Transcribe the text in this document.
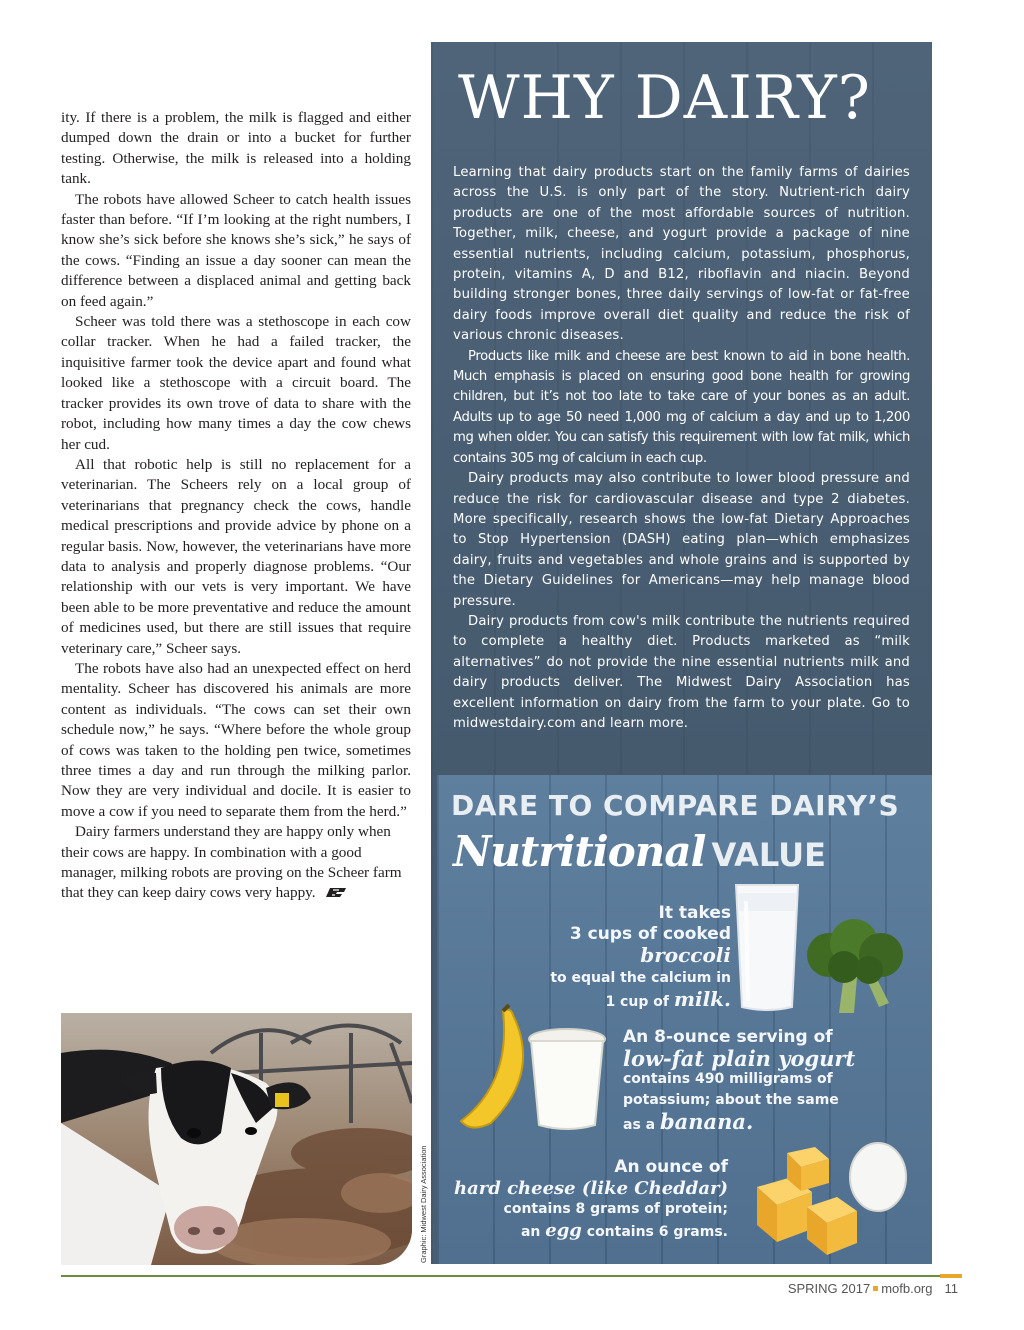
ity. If there is a problem, the milk is flagged and either dumped down the drain or into a bucket for further testing. Otherwise, the milk is released into a holding tank.

The robots have allowed Scheer to catch health issues faster than before. “If I’m looking at the right numbers, I know she’s sick before she knows she’s sick,” he says of the cows. “Finding an issue a day sooner can mean the difference between a displaced animal and getting back on feed again.”

Scheer was told there was a stethoscope in each cow collar tracker. When he had a failed tracker, the inquisitive farmer took the device apart and found what looked like a stethoscope with a circuit board. The tracker provides its own trove of data to share with the robot, including how many times a day the cow chews her cud.

All that robotic help is still no replacement for a veterinarian. The Scheers rely on a local group of veterinarians that pregnancy check the cows, handle medical prescriptions and provide advice by phone on a regular basis. Now, however, the veterinarians have more data to analysis and properly diagnose problems. “Our relationship with our vets is very important. We have been able to be more preventative and reduce the amount of medicines used, but there are still issues that require veterinary care,” Scheer says.

The robots have also had an unexpected effect on herd mentality. Scheer has discovered his animals are more content as individuals. “The cows can set their own schedule now,” he says. “Where before the whole group of cows was taken to the holding pen twice, sometimes three times a day and run through the milking parlor. Now they are very individual and docile. It is easier to move a cow if you need to separate them from the herd.”

Dairy farmers understand they are happy only when their cows are happy. In combination with a good manager, milking robots are proving on the Scheer farm that they can keep dairy cows very happy.

Graphic: Midwest Dairy Association
WHY DAIRY?

Learning that dairy products start on the family farms of dairies across the U.S. is only part of the story. Nutrient-rich dairy products are one of the most affordable sources of nutrition. Together, milk, cheese, and yogurt provide a package of nine essential nutrients, including calcium, potassium, phosphorus, protein, vitamins A, D and B12, riboflavin and niacin. Beyond building stronger bones, three daily servings of low-fat or fat-free dairy foods improve overall diet quality and reduce the risk of various chronic diseases.

Products like milk and cheese are best known to aid in bone health. Much emphasis is placed on ensuring good bone health for growing children, but it’s not too late to take care of your bones as an adult. Adults up to age 50 need 1,000 mg of calcium a day and up to 1,200 mg when older. You can satisfy this requirement with low fat milk, which contains 305 mg of calcium in each cup.

Dairy products may also contribute to lower blood pressure and reduce the risk for cardiovascular disease and type 2 diabetes. More specifically, research shows the low-fat Dietary Approaches to Stop Hypertension (DASH) eating plan—which emphasizes dairy, fruits and vegetables and whole grains and is supported by the Dietary Guidelines for Americans—may help manage blood pressure.

Dairy products from cow's milk contribute the nutrients required to complete a healthy diet. Products marketed as “milk alternatives” do not provide the nine essential nutrients milk and dairy products deliver. The Midwest Dairy Association has excellent information on dairy from the farm to your plate. Go to midwestdairy.com and learn more.

DARE TO COMPARE DAIRY’S
Nutritional VALUE
It takes
3 cups of cooked broccoli
to equal the calcium in
1 cup of milk.
An 8-ounce serving of
low-fat plain yogurt
contains 490 milligrams of
potassium; about the same
as a banana.
An ounce of
hard cheese (like Cheddar)
contains 8 grams of protein;
an egg contains 6 grams.
SPRING 2017 mofb.org 11
